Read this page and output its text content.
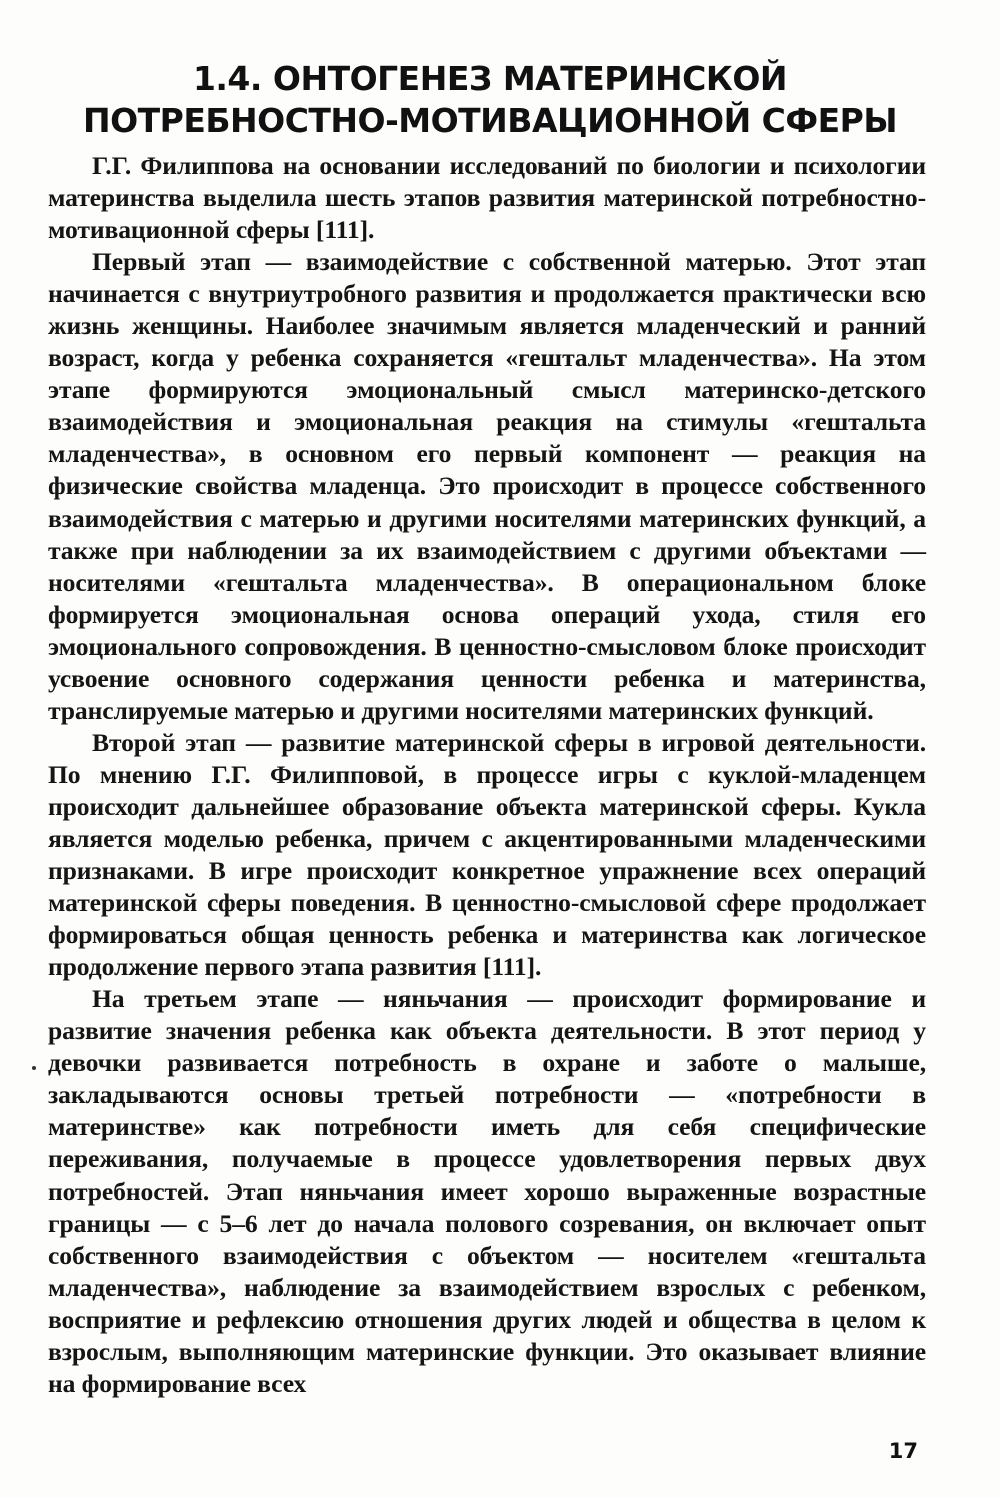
1.4. ОНТОГЕНЕЗ МАТЕРИНСКОЙ
ПОТРЕБНОСТНО-МОТИВАЦИОННОЙ СФЕРЫ

Г.Г. Филиппова на основании исследований по биологии и психологии материнства выделила шесть этапов развития материнской потребностно-мотивационной сферы [111].

Первый этап — взаимодействие с собственной матерью. Этот этап начинается с внутриутробного развития и продолжается практически всю жизнь женщины. Наиболее значимым является младенческий и ранний возраст, когда у ребенка сохраняется «гештальт младенчества». На этом этапе формируются эмоциональный смысл материнско-детского взаимодействия и эмоциональная реакция на стимулы «гештальта младенчества», в основном его первый компонент — реакция на физические свойства младенца. Это происходит в процессе собственного взаимодействия с матерью и другими носителями материнских функций, а также при наблюдении за их взаимодействием с другими объектами — носителями «гештальта младенчества». В операциональном блоке формируется эмоциональная основа операций ухода, стиля его эмоционального сопровождения. В ценностно-смысловом блоке происходит усвоение основного содержания ценности ребенка и материнства, транслируемые матерью и другими носителями материнских функций.

Второй этап — развитие материнской сферы в игровой деятельности. По мнению Г.Г. Филипповой, в процессе игры с куклой-младенцем происходит дальнейшее образование объекта материнской сферы. Кукла является моделью ребенка, причем с акцентированными младенческими признаками. В игре происходит конкретное упражнение всех операций материнской сферы поведения. В ценностно-смысловой сфере продолжает формироваться общая ценность ребенка и материнства как логическое продолжение первого этапа развития [111].

На третьем этапе — няньчания — происходит формирование и развитие значения ребенка как объекта деятельности. В этот период у девочки развивается потребность в охране и заботе о малыше, закладываются основы третьей потребности — «потребности в материнстве» как потребности иметь для себя специфические переживания, получаемые в процессе удовлетворения первых двух потребностей. Этап няньчания имеет хорошо выраженные возрастные границы — с 5–6 лет до начала полового созревания, он включает опыт собственного взаимодействия с объектом — носителем «гештальта младенчества», наблюдение за взаимодействием взрослых с ребенком, восприятие и рефлексию отношения других людей и общества в целом к взрослым, выполняющим материнские функции. Это оказывает влияние на формирование всех

17
